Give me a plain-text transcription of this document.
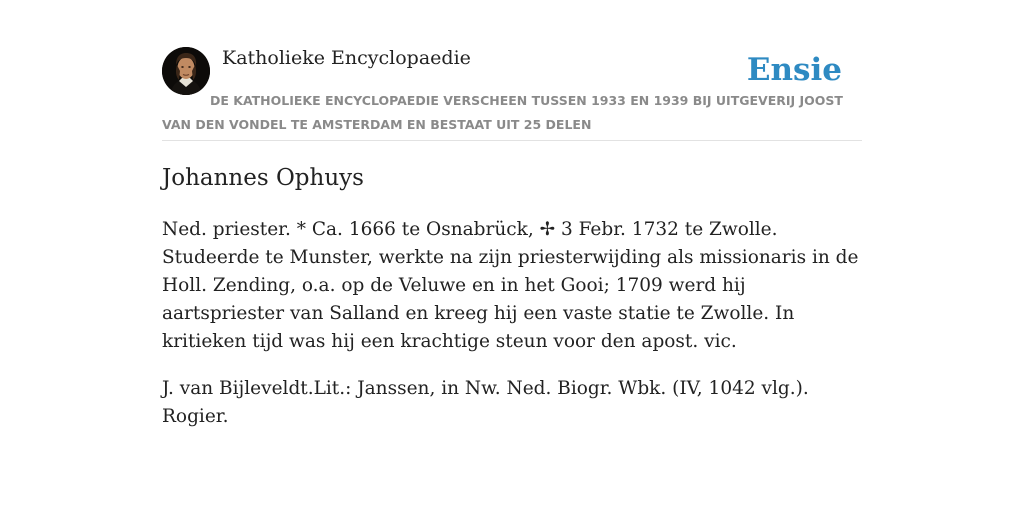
Katholieke Encyclopaedie	Ensie
DE KATHOLIEKE ENCYCLOPAEDIE VERSCHEEN TUSSEN 1933 EN 1939 BIJ UITGEVERIJ JOOST VAN DEN VONDEL TE AMSTERDAM EN BESTAAT UIT 25 DELEN
Johannes Ophuys

Ned. priester. * Ca. 1666 te Osnabrück, ✢ 3 Febr. 1732 te Zwolle. Studeerde te Munster, werkte na zijn priesterwijding als missionaris in de Holl. Zending, o.a. op de Veluwe en in het Gooi; 1709 werd hij aartspriester van Salland en kreeg hij een vaste statie te Zwolle. In kritieken tijd was hij een krachtige steun voor den apost. vic.

J. van Bijleveldt.Lit.: Janssen, in Nw. Ned. Biogr. Wbk. (IV, 1042 vlg.). Rogier.
